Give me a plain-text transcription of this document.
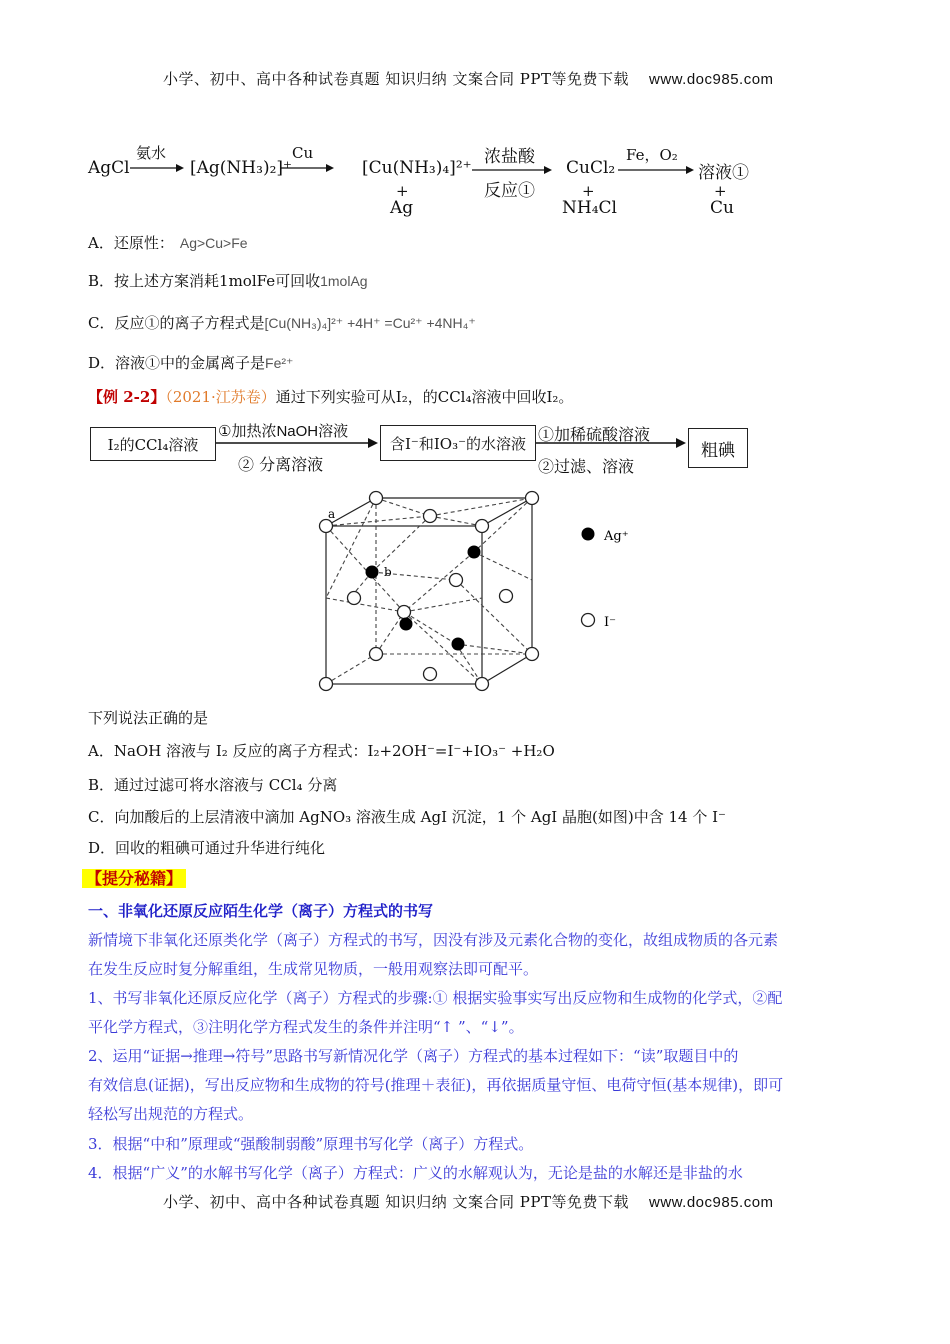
小学、初中、高中各种试卷真题 知识归纳 文案合同 PPT等免费下载 www.doc985.com
AgCl
氨水
[Ag(NH₃)₂]⁺
Cu
[Cu(NH₃)₄]²⁺
+
Ag
浓盐酸
反应①
CuCl₂
+
NH₄Cl
Fe，O₂
溶液①
+
Cu
A．还原性： Ag>Cu>Fe
B．按上述方案消耗1molFe可回收1molAg
C．反应①的离子方程式是[Cu(NH₃)₄]²⁺ +4H⁺ =Cu²⁺ +4NH₄⁺
D．溶液①中的金属离子是Fe²⁺
【例 2-2】（2021·江苏卷）通过下列实验可从I₂，的CCl₄溶液中回收I₂。
I₂的CCl₄溶液
①加热浓NaOH溶液
② 分离溶液
含I⁻和IO₃⁻的水溶液 ①加稀硫酸溶液
②过滤、溶液
粗碘
a
b
Ag⁺
I⁻
下列说法正确的是
A．NaOH 溶液与 I₂ 反应的离子方程式：I₂+2OH⁻=I⁻+IO₃⁻ +H₂O
B．通过过滤可将水溶液与 CCl₄ 分离
C．向加酸后的上层清液中滴加 AgNO₃ 溶液生成 AgI 沉淀，1 个 AgI 晶胞(如图)中含 14 个 I⁻
D．回收的粗碘可通过升华进行纯化
【提分秘籍】
一、非氧化还原反应陌生化学（离子）方程式的书写
新情境下非氧化还原类化学（离子）方程式的书写，因没有涉及元素化合物的变化，故组成物质的各元素
在发生反应时复分解重组，生成常见物质，一般用观察法即可配平。
1、书写非氧化还原反应化学（离子）方程式的步骤:① 根据实验事实写出反应物和生成物的化学式，②配
平化学方程式，③注明化学方程式发生的条件并注明“↑ ”、“↓”。
2、运用“证据→推理→符号”思路书写新情况化学（离子）方程式的基本过程如下：“读”取题目中的
有效信息(证据)，写出反应物和生成物的符号(推理＋表征)，再依据质量守恒、电荷守恒(基本规律)，即可
轻松写出规范的方程式。
3．根据“中和”原理或“强酸制弱酸”原理书写化学（离子）方程式。
4．根据“广义”的水解书写化学（离子）方程式：广义的水解观认为，无论是盐的水解还是非盐的水
小学、初中、高中各种试卷真题 知识归纳 文案合同 PPT等免费下载 www.doc985.com
